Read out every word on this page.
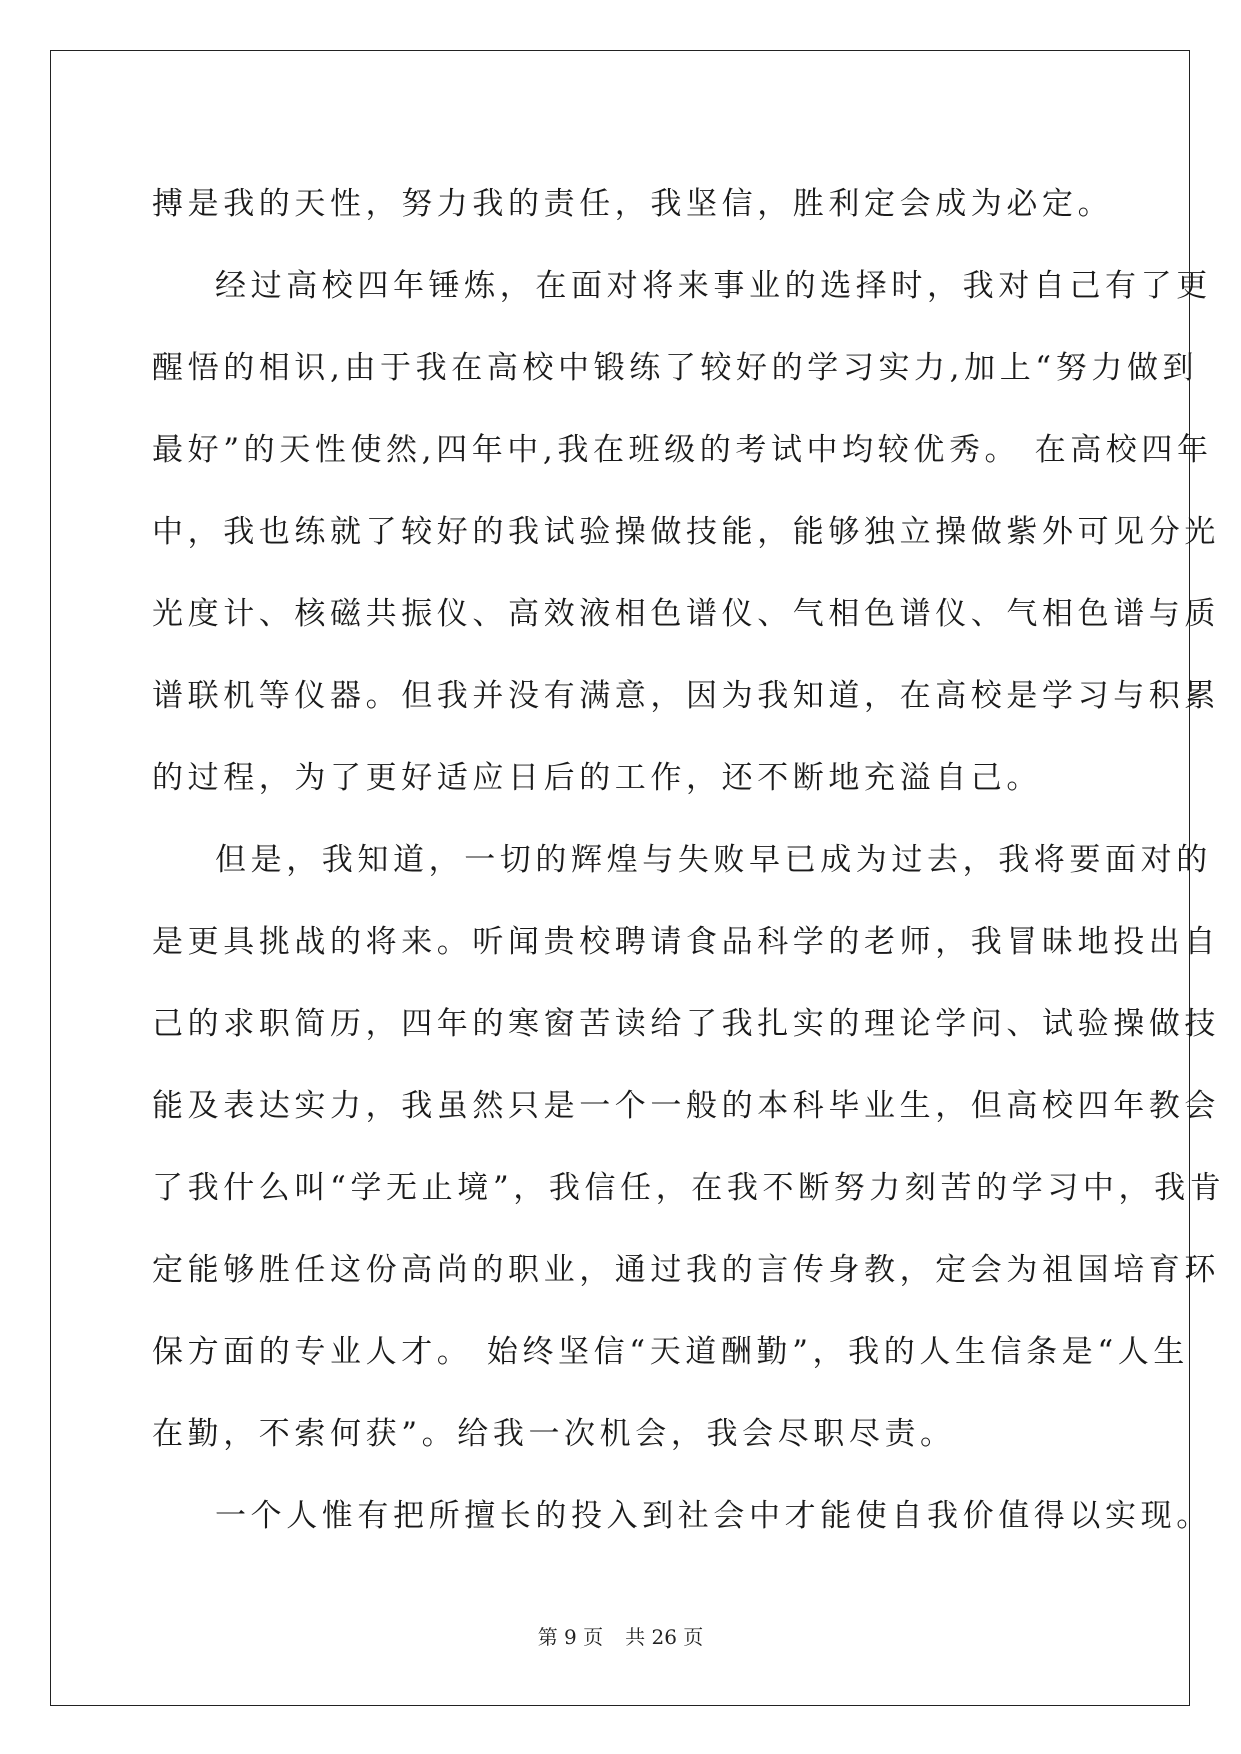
搏是我的天性，努力我的责任，我坚信，胜利定会成为必定。

经过高校四年锤炼，在面对将来事业的选择时，我对自己有了更
醒悟的相识,由于我在高校中锻练了较好的学习实力,加上“努力做到
最好”的天性使然,四年中,我在班级的考试中均较优秀。 在高校四年
中，我也练就了较好的我试验操做技能，能够独立操做紫外可见分光
光度计、核磁共振仪、高效液相色谱仪、气相色谱仪、气相色谱与质
谱联机等仪器。但我并没有满意，因为我知道，在高校是学习与积累
的过程，为了更好适应日后的工作，还不断地充溢自己。

但是，我知道，一切的辉煌与失败早已成为过去，我将要面对的
是更具挑战的将来。听闻贵校聘请食品科学的老师，我冒昧地投出自
己的求职简历，四年的寒窗苦读给了我扎实的理论学问、试验操做技
能及表达实力，我虽然只是一个一般的本科毕业生，但高校四年教会
了我什么叫“学无止境”，我信任，在我不断努力刻苦的学习中，我肯
定能够胜任这份高尚的职业，通过我的言传身教，定会为祖国培育环
保方面的专业人才。 始终坚信“天道酬勤”，我的人生信条是“人生
在勤，不索何获”。给我一次机会，我会尽职尽责。

一个人惟有把所擅长的投入到社会中才能使自我价值得以实现。

第 9 页 共 26 页
